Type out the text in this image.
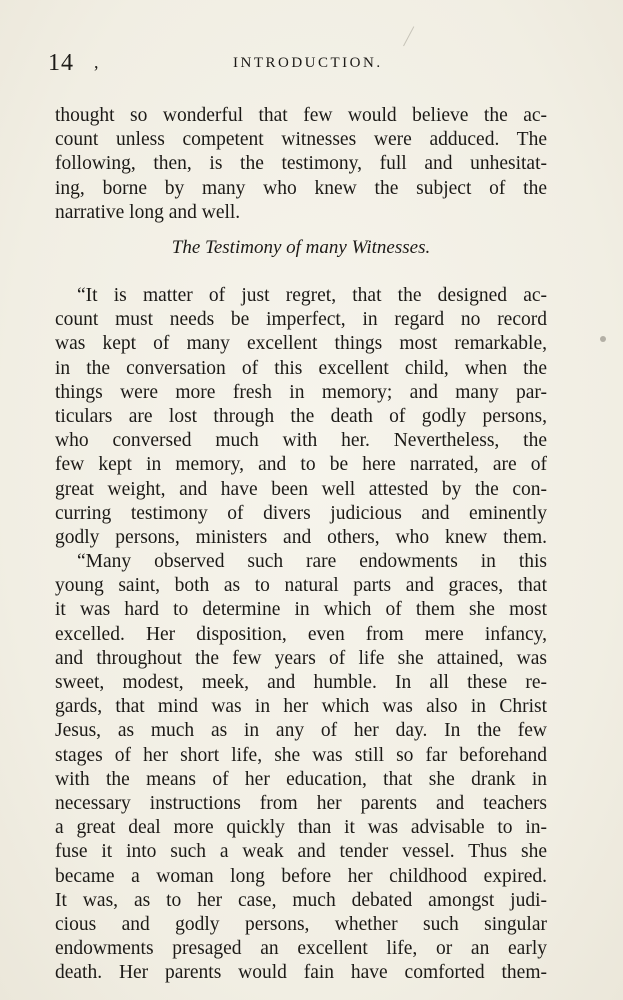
14 ,	INTRODUCTION.
thought so wonderful that few would believe the ac-
count unless competent witnesses were adduced. The
following, then, is the testimony, full and unhesitat-
ing, borne by many who knew the subject of the
narrative long and well.
The Testimony of many Witnesses.
“It is matter of just regret, that the designed ac-
count must needs be imperfect, in regard no record
was kept of many excellent things most remarkable,
in the conversation of this excellent child, when the
things were more fresh in memory; and many par-
ticulars are lost through the death of godly persons,
who conversed much with her. Nevertheless, the
few kept in memory, and to be here narrated, are of
great weight, and have been well attested by the con-
curring testimony of divers judicious and eminently
godly persons, ministers and others, who knew them.
“Many observed such rare endowments in this
young saint, both as to natural parts and graces, that
it was hard to determine in which of them she most
excelled. Her disposition, even from mere infancy,
and throughout the few years of life she attained, was
sweet, modest, meek, and humble. In all these re-
gards, that mind was in her which was also in Christ
Jesus, as much as in any of her day. In the few
stages of her short life, she was still so far beforehand
with the means of her education, that she drank in
necessary instructions from her parents and teachers
a great deal more quickly than it was advisable to in-
fuse it into such a weak and tender vessel. Thus she
became a woman long before her childhood expired.
It was, as to her case, much debated amongst judi-
cious and godly persons, whether such singular
endowments presaged an excellent life, or an early
death. Her parents would fain have comforted them-
